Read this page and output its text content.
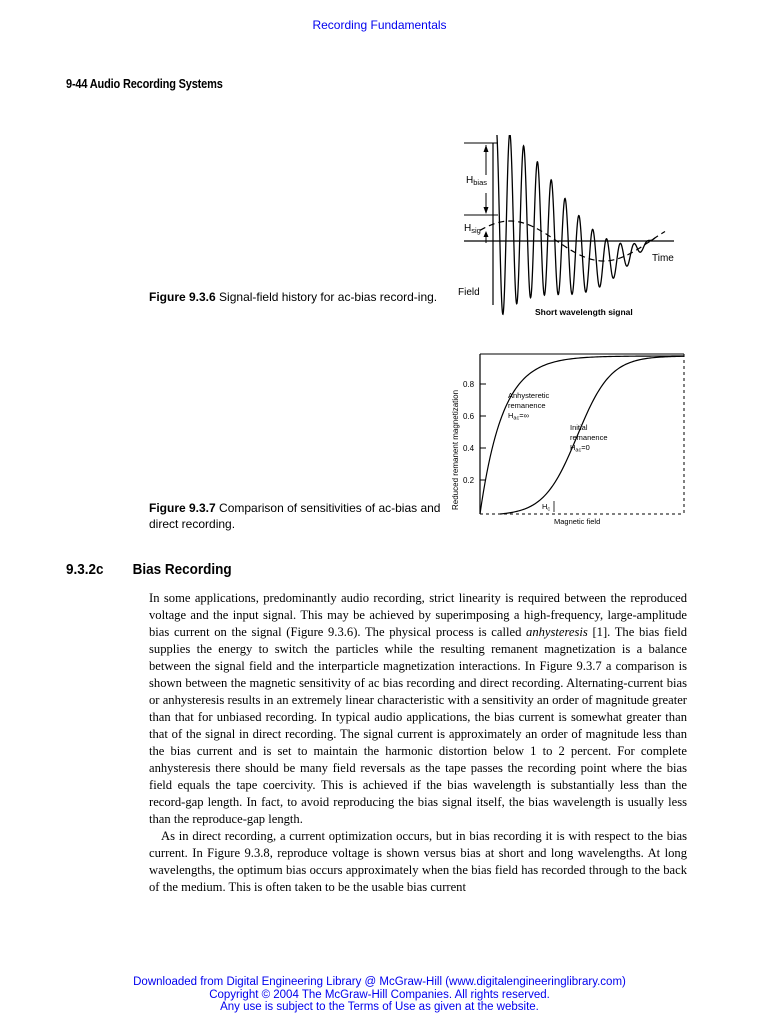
Recording Fundamentals
9-44 Audio Recording Systems
$H_{bias}$
$H_{sig}$
Time
Field
Short wavelength signal
Figure 9.3.6 Signal-field history for ac-bias record-ing.
0.8
0.6
0.4
0.2
Reduced remanent magnetization	Anhysteretic
remanence
$H_{ac}=\infty$
Initial
remanence
$H_{ac}=0$
$H_c$
Magnetic field
Figure 9.3.7 Comparison of sensitivities of ac-bias and direct recording.
9.3.2c Bias Recording

In some applications, predominantly audio recording, strict linearity is required between the reproduced voltage and the input signal. This may be achieved by superimposing a high-frequency, large-amplitude bias current on the signal (Figure 9.3.6). The physical process is called anhysteresis [1]. The bias field supplies the energy to switch the particles while the resulting remanent magnetization is a balance between the signal field and the interparticle magnetization interactions. In Figure 9.3.7 a comparison is shown between the magnetic sensitivity of ac bias recording and direct recording. Alternating-current bias or anhysteresis results in an extremely linear characteristic with a sensitivity an order of magnitude greater than that for unbiased recording. In typical audio applications, the bias current is somewhat greater than that of the signal in direct recording. The signal current is approximately an order of magnitude less than the bias current and is set to maintain the harmonic distortion below 1 to 2 percent. For complete anhysteresis there should be many field reversals as the tape passes the recording point where the bias field equals the tape coercivity. This is achieved if the bias wavelength is substantially less than the record-gap length. In fact, to avoid reproducing the bias signal itself, the bias wavelength is usually less than the reproduce-gap length.

As in direct recording, a current optimization occurs, but in bias recording it is with respect to the bias current. In Figure 9.3.8, reproduce voltage is shown versus bias at short and long wavelengths. At long wavelengths, the optimum bias occurs approximately when the bias field has recorded through to the back of the medium. This is often taken to be the usable bias current

Downloaded from Digital Engineering Library @ McGraw-Hill (www.digitalengineeringlibrary.com)
Copyright © 2004 The McGraw-Hill Companies. All rights reserved.
Any use is subject to the Terms of Use as given at the website.
